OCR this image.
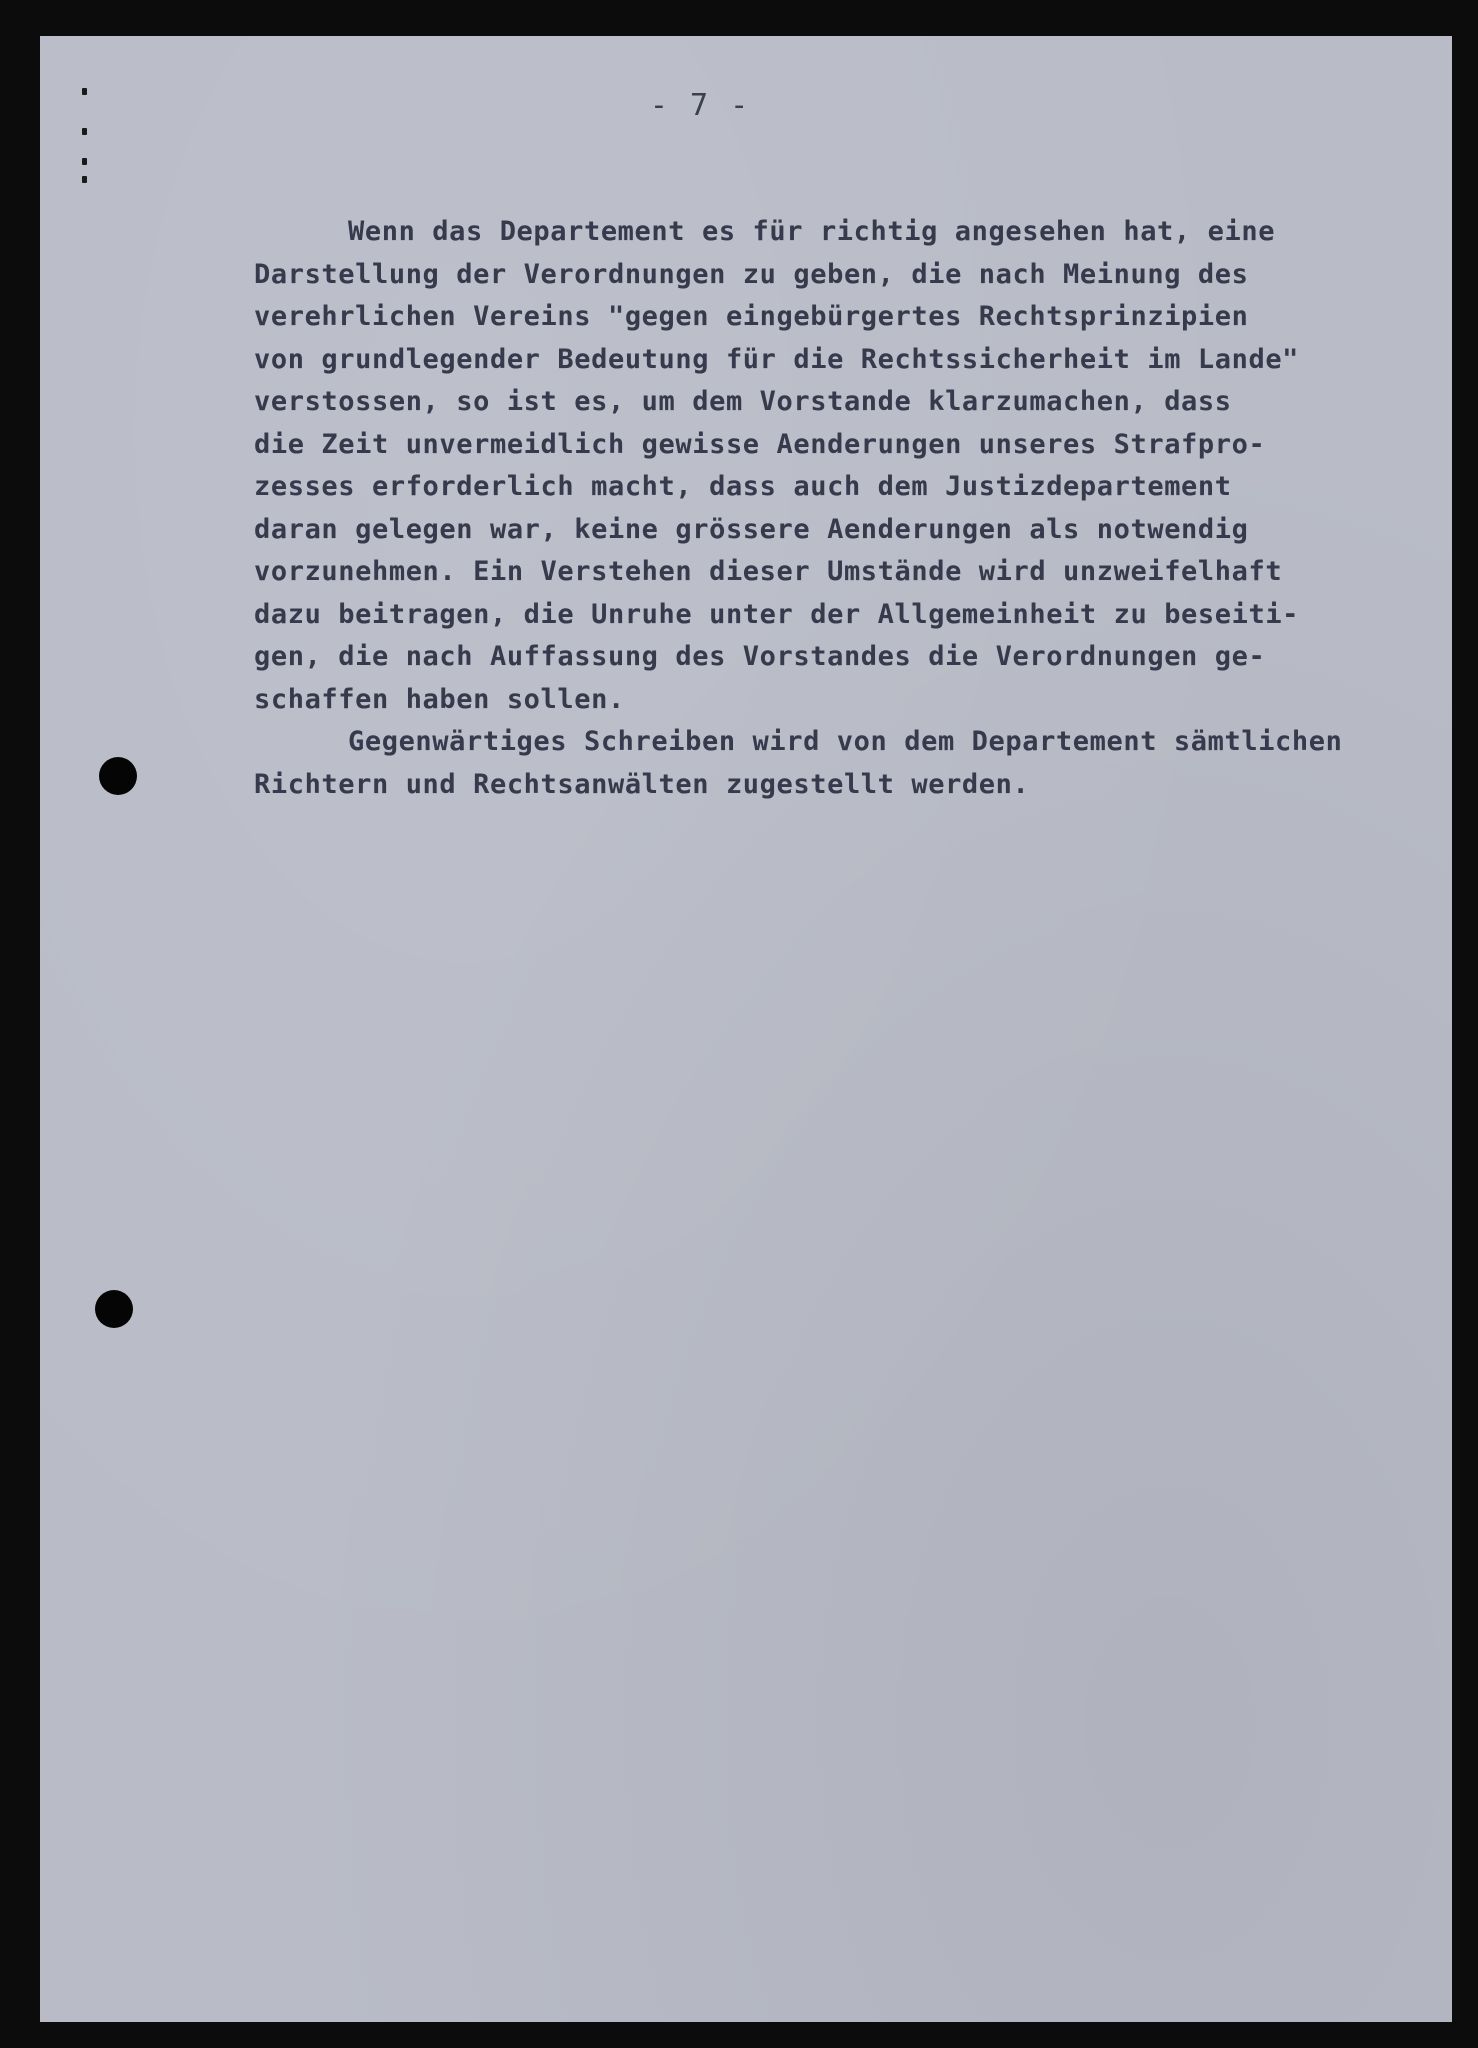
- 7 -
Wenn das Departement es für richtig angesehen hat, eine
Darstellung der Verordnungen zu geben, die nach Meinung des
verehrlichen Vereins "gegen eingebürgertes Rechtsprinzipien
von grundlegender Bedeutung für die Rechtssicherheit im Lande"
verstossen, so ist es, um dem Vorstande klarzumachen, dass
die Zeit unvermeidlich gewisse Aenderungen unseres Strafpro-
zesses erforderlich macht, dass auch dem Justizdepartement
daran gelegen war, keine grössere Aenderungen als notwendig
vorzunehmen. Ein Verstehen dieser Umstände wird unzweifelhaft
dazu beitragen, die Unruhe unter der Allgemeinheit zu beseiti-
gen, die nach Auffassung des Vorstandes die Verordnungen ge-
schaffen haben sollen.
Gegenwärtiges Schreiben wird von dem Departement sämtlichen
Richtern und Rechtsanwälten zugestellt werden.
